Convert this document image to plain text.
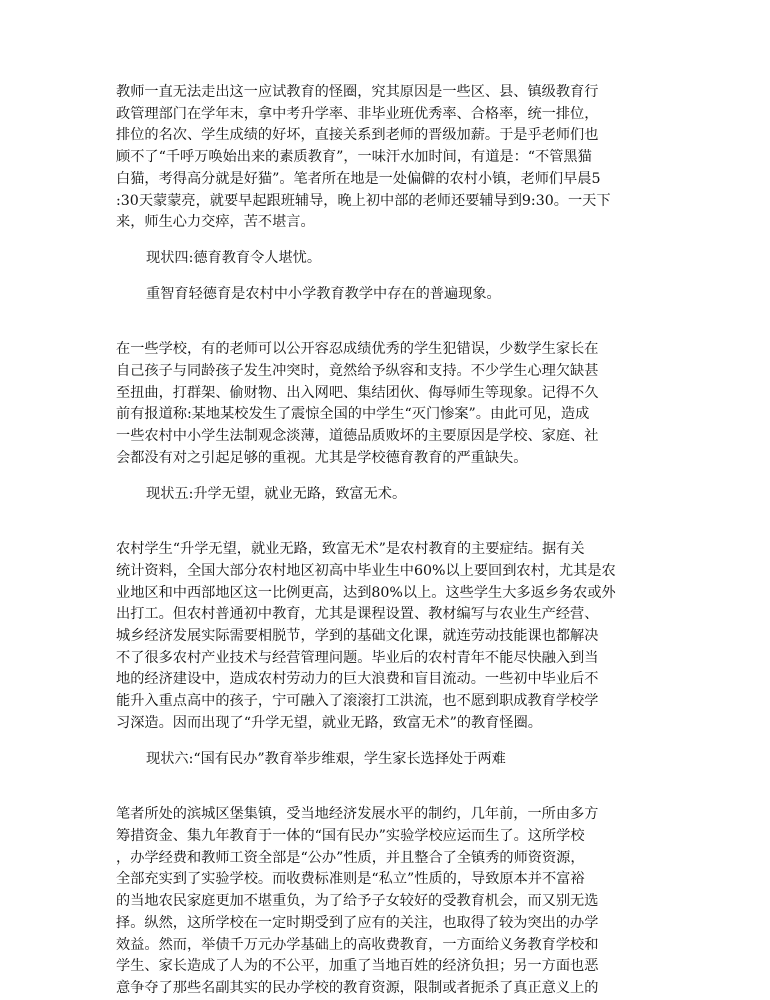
教师一直无法走出这一应试教育的怪圈，究其原因是一些区、县、镇级教育行
政管理部门在学年末，拿中考升学率、非毕业班优秀率、合格率，统一排位，
排位的名次、学生成绩的好坏，直接关系到老师的晋级加薪。于是乎老师们也
顾不了“千呼万唤始出来的素质教育”，一味汗水加时间，有道是：“不管黑猫
白猫，考得高分就是好猫”。笔者所在地是一处偏僻的农村小镇，老师们早晨5
:30天蒙蒙亮，就要早起跟班辅导，晚上初中部的老师还要辅导到9:30。一天下
来，师生心力交瘁，苦不堪言。

现状四:德育教育令人堪忧。

重智育轻德育是农村中小学教育教学中存在的普遍现象。

在一些学校，有的老师可以公开容忍成绩优秀的学生犯错误，少数学生家长在
自己孩子与同龄孩子发生冲突时，竟然给予纵容和支持。不少学生心理欠缺甚
至扭曲，打群架、偷财物、出入网吧、集结团伙、侮辱师生等现象。记得不久
前有报道称:某地某校发生了震惊全国的中学生“灭门惨案”。由此可见，造成
一些农村中小学生法制观念淡薄，道德品质败坏的主要原因是学校、家庭、社
会都没有对之引起足够的重视。尤其是学校德育教育的严重缺失。

现状五:升学无望，就业无路，致富无术。

农村学生“升学无望，就业无路，致富无术”是农村教育的主要症结。据有关
统计资料，全国大部分农村地区初高中毕业生中60%以上要回到农村，尤其是农
业地区和中西部地区这一比例更高，达到80%以上。这些学生大多返乡务农或外
出打工。但农村普通初中教育，尤其是课程设置、教材编写与农业生产经营、
城乡经济发展实际需要相脱节，学到的基础文化课，就连劳动技能课也都解决
不了很多农村产业技术与经营管理问题。毕业后的农村青年不能尽快融入到当
地的经济建设中，造成农村劳动力的巨大浪费和盲目流动。一些初中毕业后不
能升入重点高中的孩子，宁可融入了滚滚打工洪流，也不愿到职成教育学校学
习深造。因而出现了“升学无望，就业无路，致富无术”的教育怪圈。

现状六:“国有民办”教育举步维艰，学生家长选择处于两难

笔者所处的滨城区堡集镇，受当地经济发展水平的制约，几年前，一所由多方
筹措资金、集九年教育于一体的“国有民办”实验学校应运而生了。这所学校
，办学经费和教师工资全部是“公办”性质，并且整合了全镇秀的师资资源，
全部充实到了实验学校。而收费标准则是“私立”性质的，导致原本并不富裕
的当地农民家庭更加不堪重负，为了给予子女较好的受教育机会，而又别无选
择。纵然，这所学校在一定时期受到了应有的关注，也取得了较为突出的办学
效益。然而，举债千万元办学基础上的高收费教育，一方面给义务教育学校和
学生、家长造成了人为的不公平，加重了当地百姓的经济负担；另一方面也恶
意争夺了那些名副其实的民办学校的教育资源，限制或者扼杀了真正意义上的
